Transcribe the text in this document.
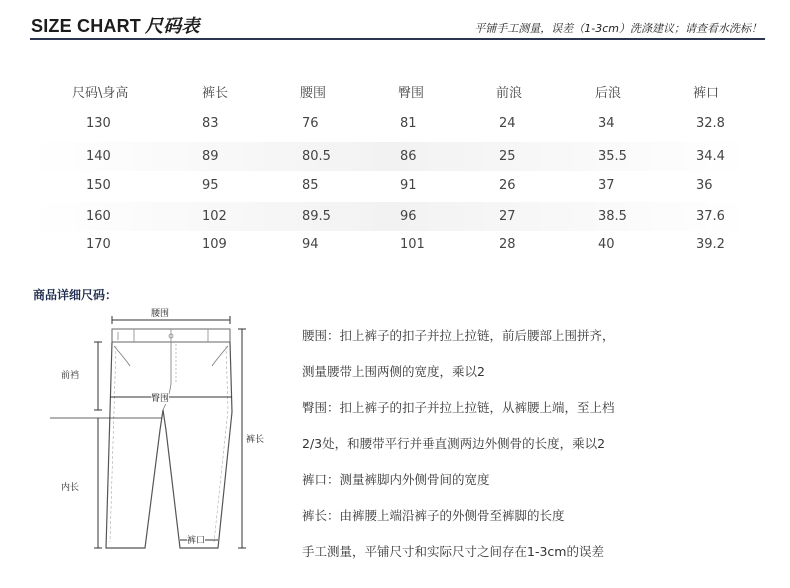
SIZE CHART 尺码表	平铺手工测量，误差（1-3cm）洗涤建议；请查看水洗标！
尺码\身高	裤长	腰围	臀围	前浪	后浪	裤口
130	83	76	81	24	34	32.8
140	89	80.5	86	25	35.5	34.4
150	95	85	91	26	37	36
160	102	89.5	96	27	38.5	37.6
170	109	94	101	28	40	39.2
商品详细尺码：
腰围
前裆
臀围
裤长
内长
裤口
腰围：扣上裤子的扣子并拉上拉链，前后腰部上围拼齐，
测量腰带上围两侧的宽度，乘以2
臀围：扣上裤子的扣子并拉上拉链，从裤腰上端，至上档
2/3处，和腰带平行并垂直测两边外侧骨的长度，乘以2
裤口：测量裤脚内外侧骨间的宽度
裤长：由裤腰上端沿裤子的外侧骨至裤脚的长度
手工测量，平铺尺寸和实际尺寸之间存在1-3cm的误差
